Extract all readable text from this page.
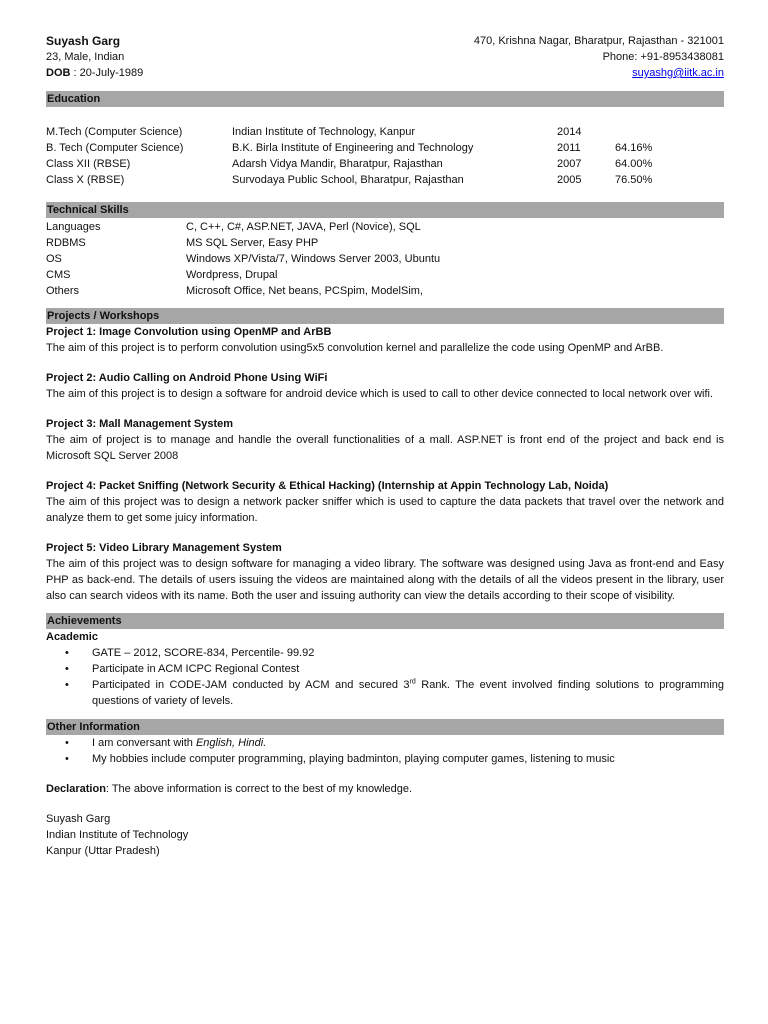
Suyash Garg
23, Male, Indian
DOB : 20-July-1989
470, Krishna Nagar, Bharatpur, Rajasthan - 321001
Phone: +91-8953438081
suyashg@iitk.ac.in
Education
M.Tech (Computer Science)	Indian Institute of Technology, Kanpur	2014	
B. Tech (Computer Science)	B.K. Birla Institute of Engineering and Technology	2011	64.16%
Class XII (RBSE)	Adarsh Vidya Mandir, Bharatpur, Rajasthan	2007	64.00%
Class X (RBSE)	Survodaya Public School, Bharatpur, Rajasthan	2005	76.50%
Technical Skills
Languages	C, C++, C#, ASP.NET, JAVA, Perl (Novice), SQL
RDBMS	MS SQL Server, Easy PHP
OS	Windows XP/Vista/7, Windows Server 2003, Ubuntu
CMS	Wordpress, Drupal
Others	Microsoft Office, Net beans, PCSpim, ModelSim,
Projects / Workshops
Project 1: Image Convolution using OpenMP and ArBB
The aim of this project is to perform convolution using5x5 convolution kernel and parallelize the code using OpenMP and ArBB.
Project 2: Audio Calling on Android Phone Using WiFi
The aim of this project is to design a software for android device which is used to call to other device connected to local network over wifi.
Project 3: Mall Management System
The aim of project is to manage and handle the overall functionalities of a mall. ASP.NET is front end of the project and back end is Microsoft SQL Server 2008
Project 4: Packet Sniffing (Network Security & Ethical Hacking) (Internship at Appin Technology Lab, Noida)
The aim of this project was to design a network packer sniffer which is used to capture the data packets that travel over the network and analyze them to get some juicy information.
Project 5: Video Library Management System
The aim of this project was to design software for managing a video library. The software was designed using Java as front-end and Easy PHP as back-end. The details of users issuing the videos are maintained along with the details of all the videos present in the library, user also can search videos with its name. Both the user and issuing authority can view the details according to their scope of visibility.
Achievements
Academic
• GATE – 2012, SCORE-834, Percentile- 99.92
• Participate in ACM ICPC Regional Contest
• Participated in CODE-JAM conducted by ACM and secured 3rd Rank. The event involved finding solutions to programming questions of variety of levels.
Other Information
• I am conversant with English, Hindi.
• My hobbies include computer programming, playing badminton, playing computer games, listening to music
Declaration: The above information is correct to the best of my knowledge.
Suyash Garg
Indian Institute of Technology
Kanpur (Uttar Pradesh)
